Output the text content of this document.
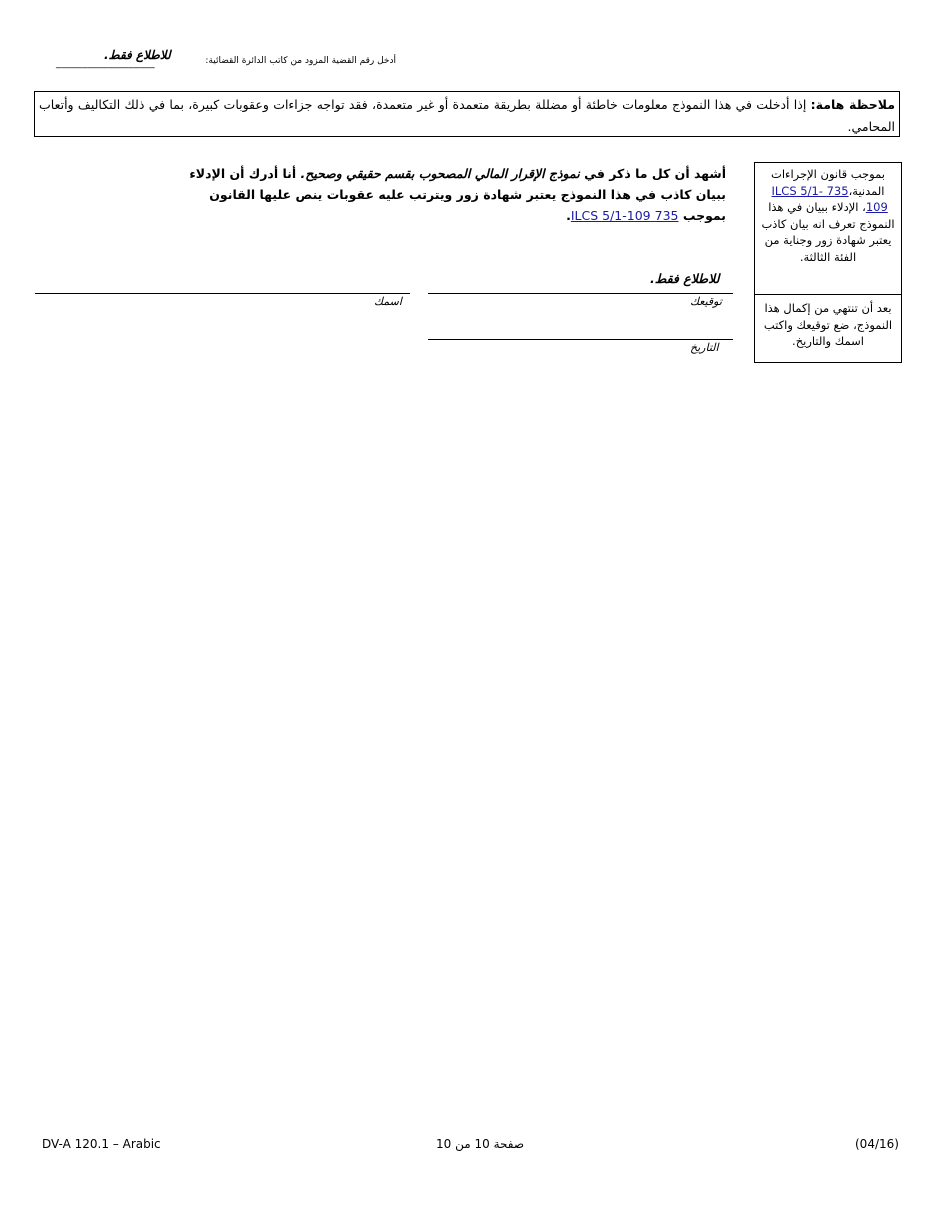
___________________
للاطلاع فقط.	أدخل رقم القضية المزود من كاتب الدائرة القضائية:
ملاحظة هامة: إذا أدخلت في هذا النموذج معلومات خاطئة أو مضللة بطريقة متعمدة أو غير متعمدة، فقد تواجه جزاءات وعقوبات كبيرة، بما في ذلك التكاليف وأتعاب المحامي.
أشهد أن كل ما ذكر في نموذج الإقرار المالي المصحوب بقسم حقيقي وصحيح. أنا أدرك أن الإدلاء ببيان كاذب في هذا النموذج يعتبر شهادة زور ويترتب عليه عقوبات ينص عليها القانون بموجب 735 ILCS 5/1-109.
بموجب قانون الإجراءات المدنية،735 ILCS 5/1-109، الإدلاء ببيان في هذا النموذج تعرف انه بيان كاذب يعتبر شهادة زور وجناية من الفئة الثالثة.
بعد أن تنتهي من إكمال هذا النموذج، ضع توقيعك واكتب اسمك والتاريخ.
للاطلاع فقط.
توقيعك
اسمك
التاريخ
DV-A 120.1 – Arabic	صفحة 10 من 10	(04/16)
